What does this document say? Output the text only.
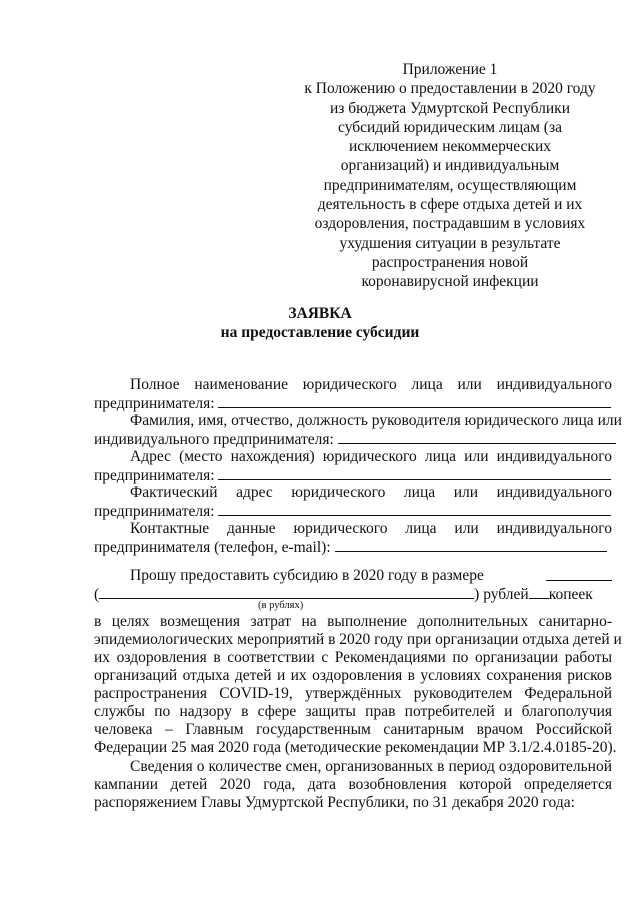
Приложение 1
к Положению о предоставлении в 2020 году
из бюджета Удмуртской Республики
субсидий юридическим лицам (за
исключением некоммерческих
организаций) и индивидуальным
предпринимателям, осуществляющим
деятельность в сфере отдыха детей и их
оздоровления, пострадавшим в условиях
ухудшения ситуации в результате
распространения новой
коронавирусной инфекции
ЗАЯВКА
на предоставление субсидии
Полное наименование юридического лица или индивидуального
предпринимателя:
Фамилия, имя, отчество, должность руководителя юридического лица или
индивидуального предпринимателя:
Адрес (место нахождения) юридического лица или индивидуального
предпринимателя:
Фактический адрес юридического лица или индивидуального
предпринимателя:
Контактные данные юридического лица или индивидуального
предпринимателя (телефон, e-mail):
Прошу предоставить субсидию в 2020 году в размере
(	) рублей копеек
(в рублях)
в целях возмещения затрат на выполнение дополнительных санитарно-
эпидемиологических мероприятий в 2020 году при организации отдыха детей и
их оздоровления в соответствии с Рекомендациями по организации работы
организаций отдыха детей и их оздоровления в условиях сохранения рисков
распространения COVID-19, утверждённых руководителем Федеральной
службы по надзору в сфере защиты прав потребителей и благополучия
человека – Главным государственным санитарным врачом Российской
Федерации 25 мая 2020 года (методические рекомендации МР 3.1/2.4.0185-20).
Сведения о количестве смен, организованных в период оздоровительной
кампании детей 2020 года, дата возобновления которой определяется
распоряжением Главы Удмуртской Республики, по 31 декабря 2020 года:
